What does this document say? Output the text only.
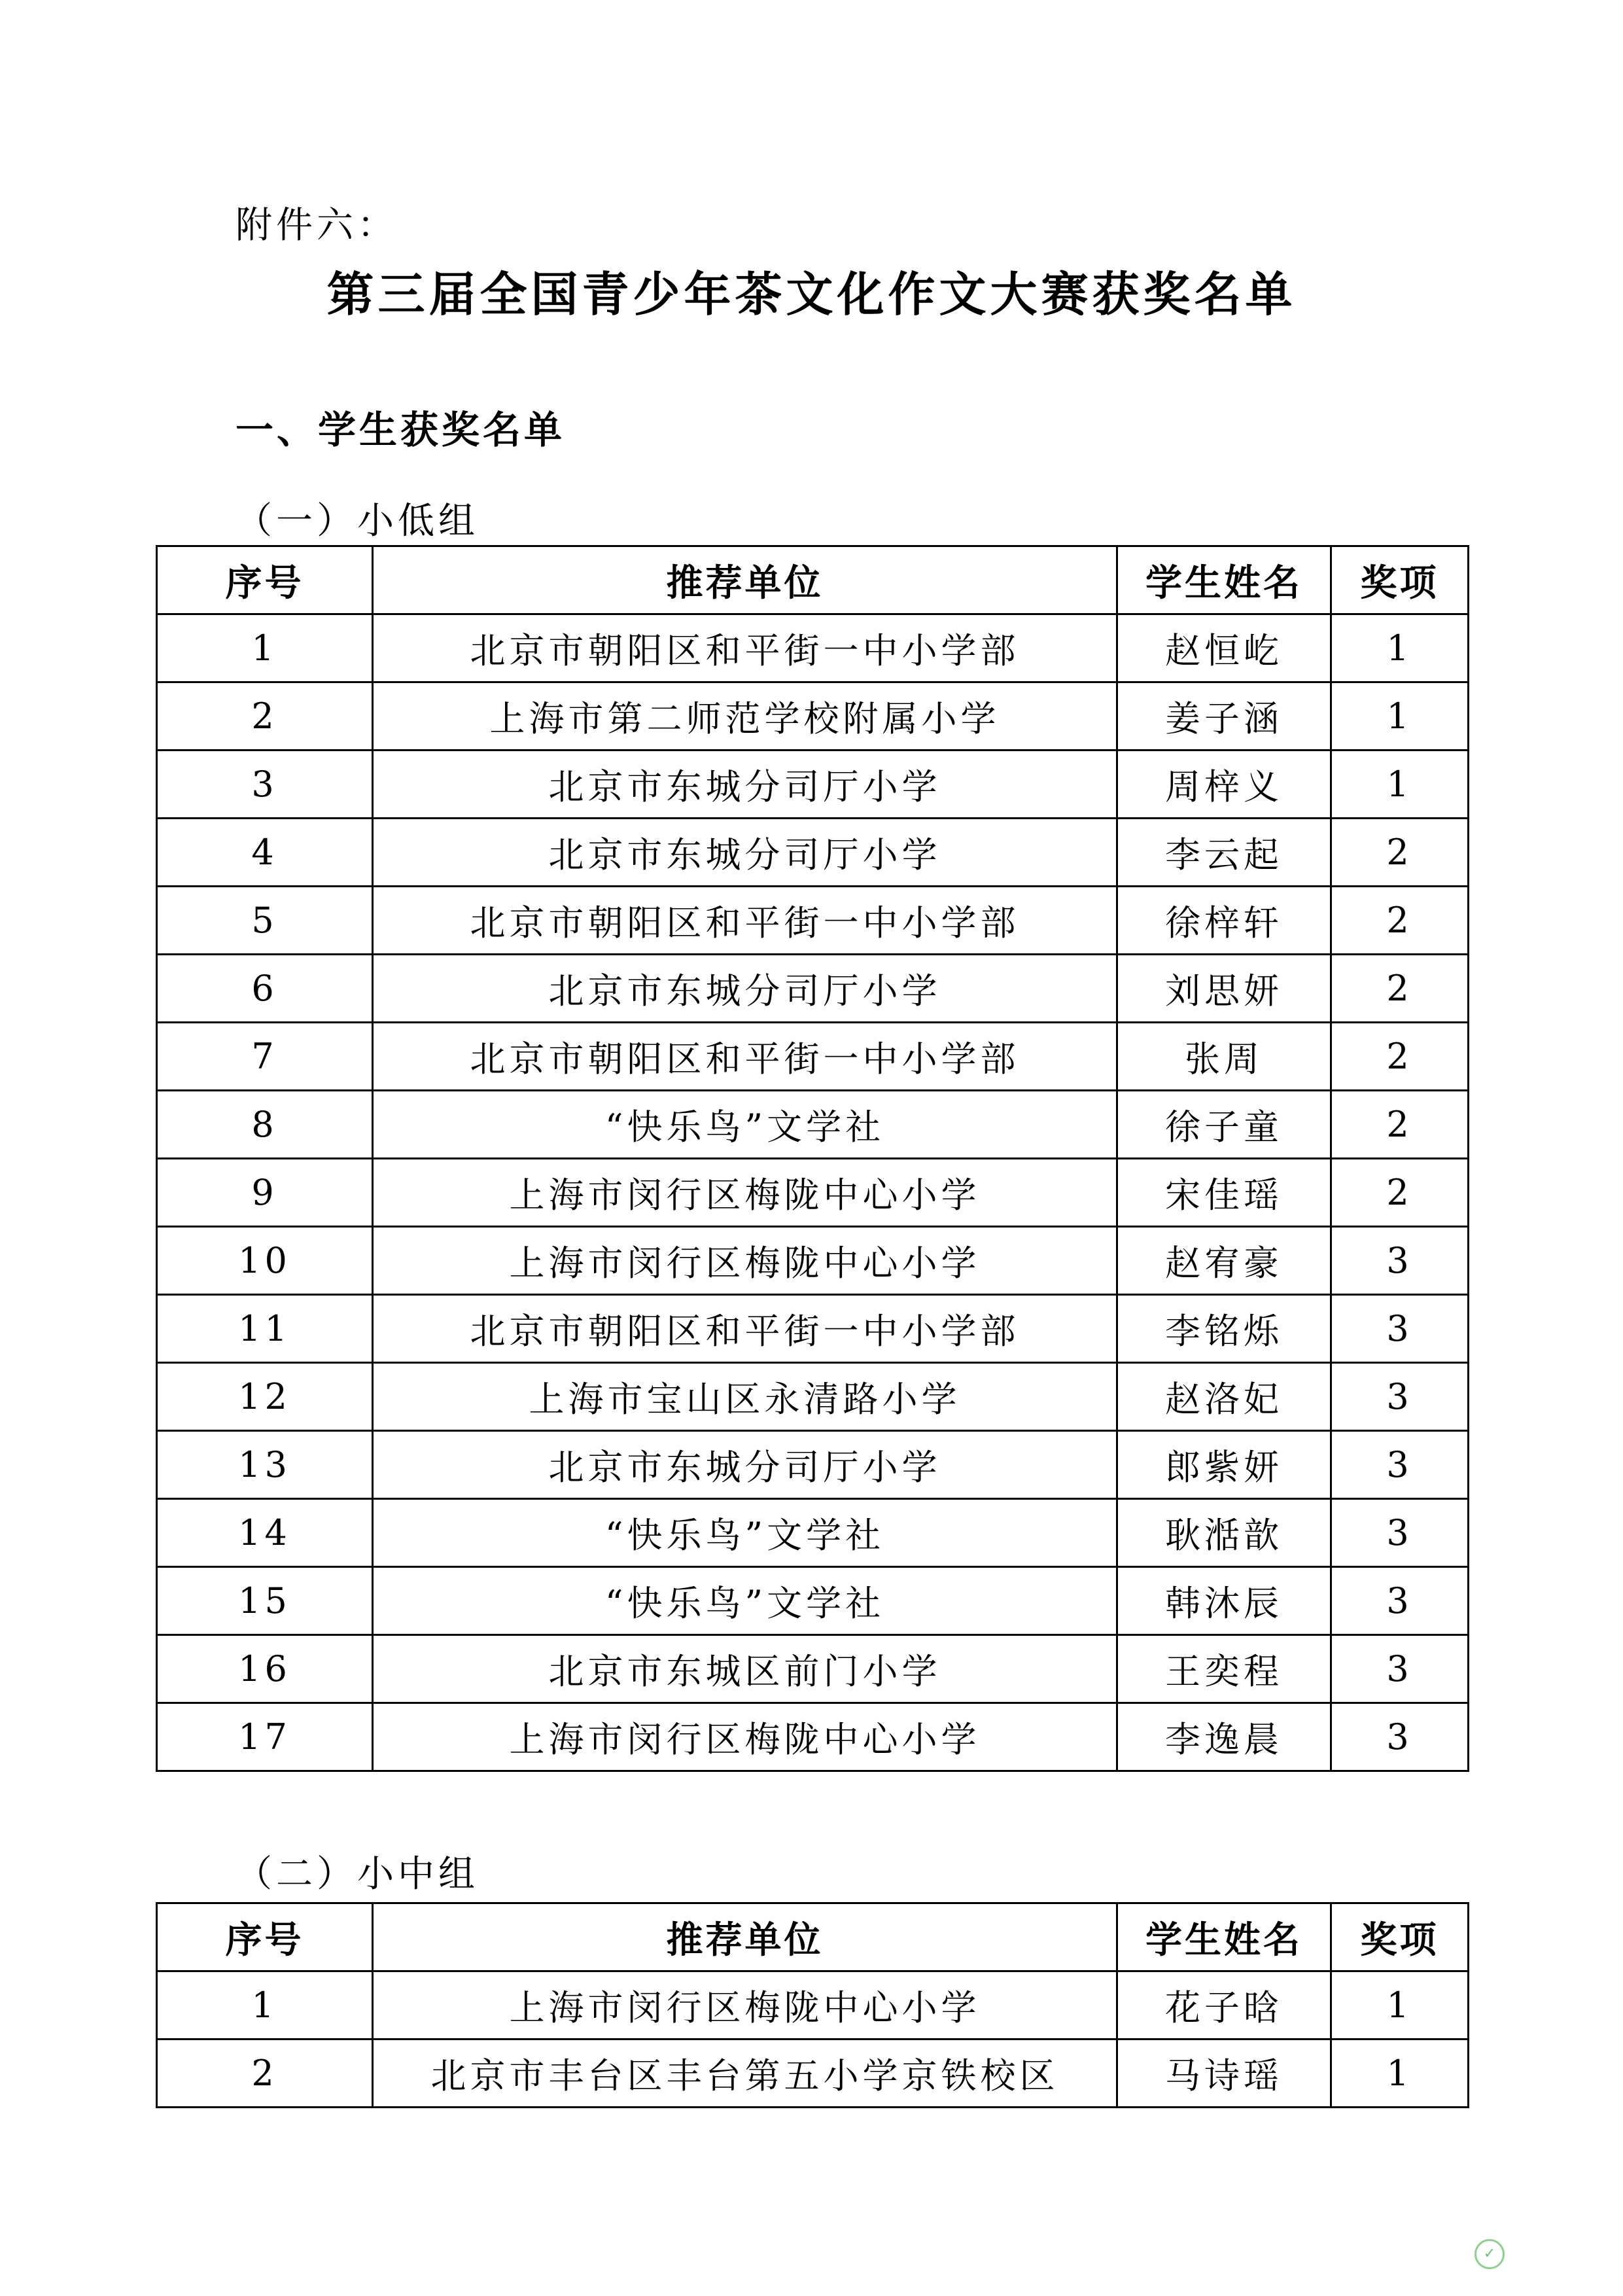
附件六：
第三届全国青少年茶文化作文大赛获奖名单
一、学生获奖名单
（一）小低组
序号	推荐单位	学生姓名	奖项
1	北京市朝阳区和平街一中小学部	赵恒屹	1
2	上海市第二师范学校附属小学	姜子涵	1
3	北京市东城分司厅小学	周梓义	1
4	北京市东城分司厅小学	李云起	2
5	北京市朝阳区和平街一中小学部	徐梓轩	2
6	北京市东城分司厅小学	刘思妍	2
7	北京市朝阳区和平街一中小学部	张周	2
8	“快乐鸟”文学社	徐子童	2
9	上海市闵行区梅陇中心小学	宋佳瑶	2
10	上海市闵行区梅陇中心小学	赵宥豪	3
11	北京市朝阳区和平街一中小学部	李铭烁	3
12	上海市宝山区永清路小学	赵洛妃	3
13	北京市东城分司厅小学	郎紫妍	3
14	“快乐鸟”文学社	耿湉歆	3
15	“快乐鸟”文学社	韩沐辰	3
16	北京市东城区前门小学	王奕程	3
17	上海市闵行区梅陇中心小学	李逸晨	3
（二）小中组
序号	推荐单位	学生姓名	奖项
1	上海市闵行区梅陇中心小学	花子晗	1
2	北京市丰台区丰台第五小学京铁校区	马诗瑶	1
✓
